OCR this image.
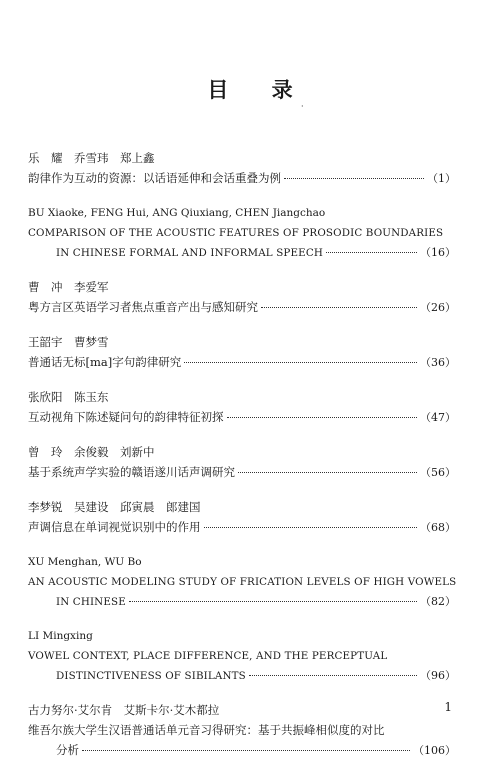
目 录
·
乐　耀　乔雪玮　郑上鑫
韵律作为互动的资源：以话语延伸和会话重叠为例	（1）
BU Xiaoke, FENG Hui, ANG Qiuxiang, CHEN Jiangchao
COMPARISON OF THE ACOUSTIC FEATURES OF PROSODIC BOUNDARIES
IN CHINESE FORMAL AND INFORMAL SPEECH	（16）
曹　冲　李爱军
粤方言区英语学习者焦点重音产出与感知研究	（26）
王韶宇　曹梦雪
普通话无标[ma]字句韵律研究	（36）
张欣阳　陈玉东
互动视角下陈述疑问句的韵律特征初探	（47）
曾　玲　余俊毅　刘新中
基于系统声学实验的赣语遂川话声调研究	（56）
李梦锐　吴建设　邱寅晨　郎建国
声调信息在单词视觉识别中的作用	（68）
XU Menghan, WU Bo
AN ACOUSTIC MODELING STUDY OF FRICATION LEVELS OF HIGH VOWELS
IN CHINESE	（82）
LI Mingxing
VOWEL CONTEXT, PLACE DIFFERENCE, AND THE PERCEPTUAL
DISTINCTIVENESS OF SIBILANTS	（96）
古力努尔·艾尔肯　艾斯卡尔·艾木都拉
维吾尔族大学生汉语普通话单元音习得研究：基于共振峰相似度的对比
分析	（106）
1
